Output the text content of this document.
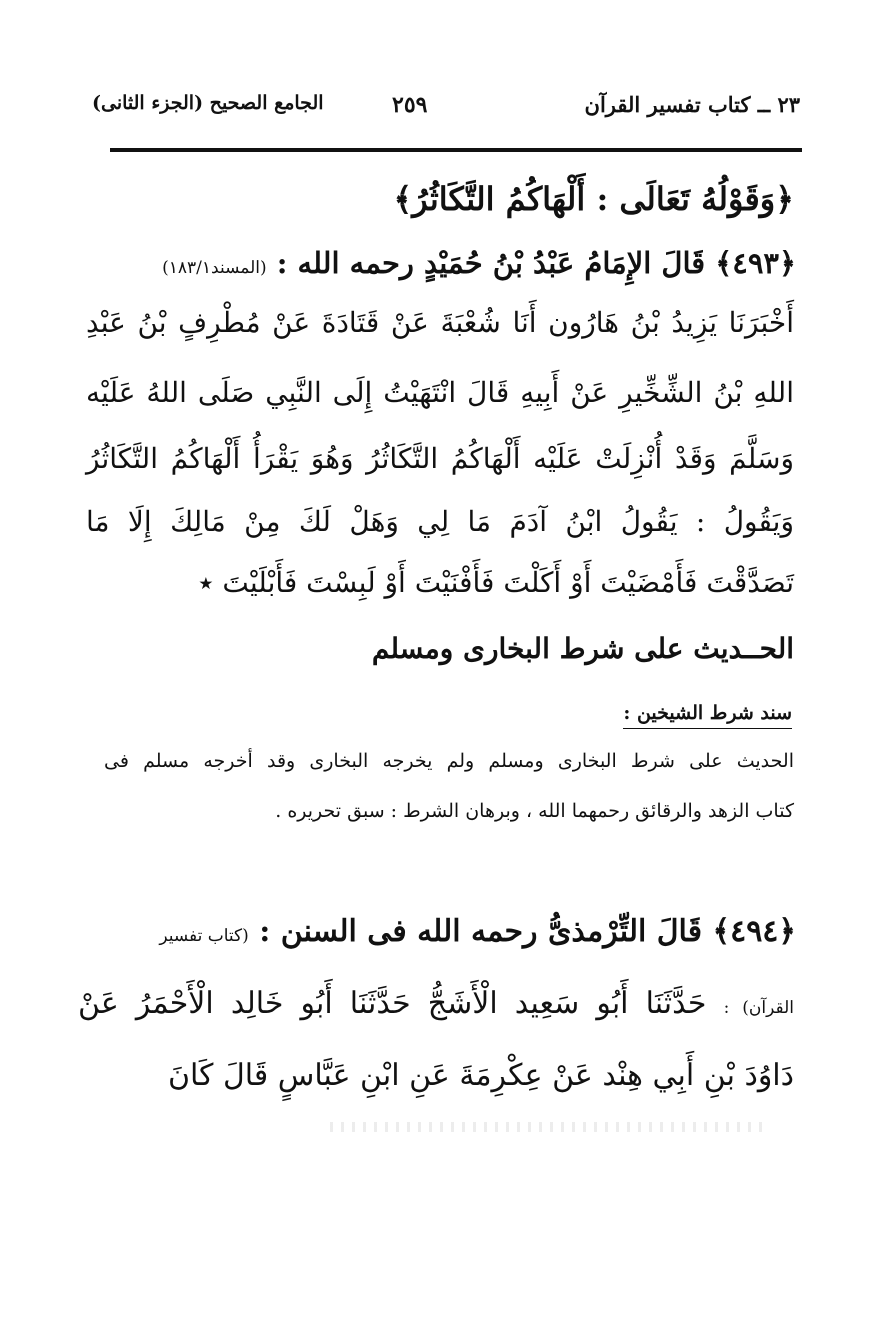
٢٣ ــ كتاب تفسير القرآن
٢٥٩
الجامع الصحيح (الجزء الثانى)
﴿وَقَوْلُهُ تَعَالَى : أَلْهَاكُمُ التَّكَاثُرُ﴾
﴿٤٩٣﴾ قَالَ الإِمَامُ عَبْدُ بْنُ حُمَيْدٍ رحمه الله : (المسند١٨٣/١)
أَخْبَرَنَا يَزِيدُ بْنُ هَارُون أَنَا شُعْبَةَ عَنْ قَتَادَةَ عَنْ مُطْرِفٍ بْنُ عَبْدِ
اللهِ بْنُ الشِّخِّيرِ عَنْ أَبِيهِ قَالَ انْتَهَيْتُ إِلَى النَّبِي صَلَى اللهُ عَلَيْه
وَسَلَّمَ وَقَدْ أُنْزِلَتْ عَلَيْه أَلْهَاكُمُ التَّكَاثُرُ وَهُوَ يَقْرَأُ أَلْهَاكُمُ التَّكَاثُرُ
وَيَقُولُ : يَقُولُ ابْنُ آدَمَ مَا لِي وَهَلْ لَكَ مِنْ مَالِكَ إِلَا مَا
تَصَدَّقْتَ فَأَمْضَيْتَ أَوْ أَكَلْتَ فَأَفْنَيْتَ أَوْ لَبِسْتَ فَأَبْلَيْتَ ٭
الحــديث على شرط البخارى ومسلم
سند شرط الشيخين :
الحديث على شرط البخارى ومسلم ولم يخرجه البخارى وقد أخرجه مسلم فى
كتاب الزهد والرقائق رحمهما الله ، وبرهان الشرط : سبق تحريره .
﴿٤٩٤﴾ قَالَ التِّرْمذىُّ رحمه الله فى السنن : (كتاب تفسير
القرآن) : حَدَّثَنَا أَبُو سَعِيد الْأَشَجُّ حَدَّثَنَا أَبُو خَالِد الْأَحْمَرُ عَنْ
دَاوُدَ بْنِ أَبِي هِنْد عَنْ عِكْرِمَةَ عَنِ ابْنِ عَبَّاسٍ قَالَ كَانَ
